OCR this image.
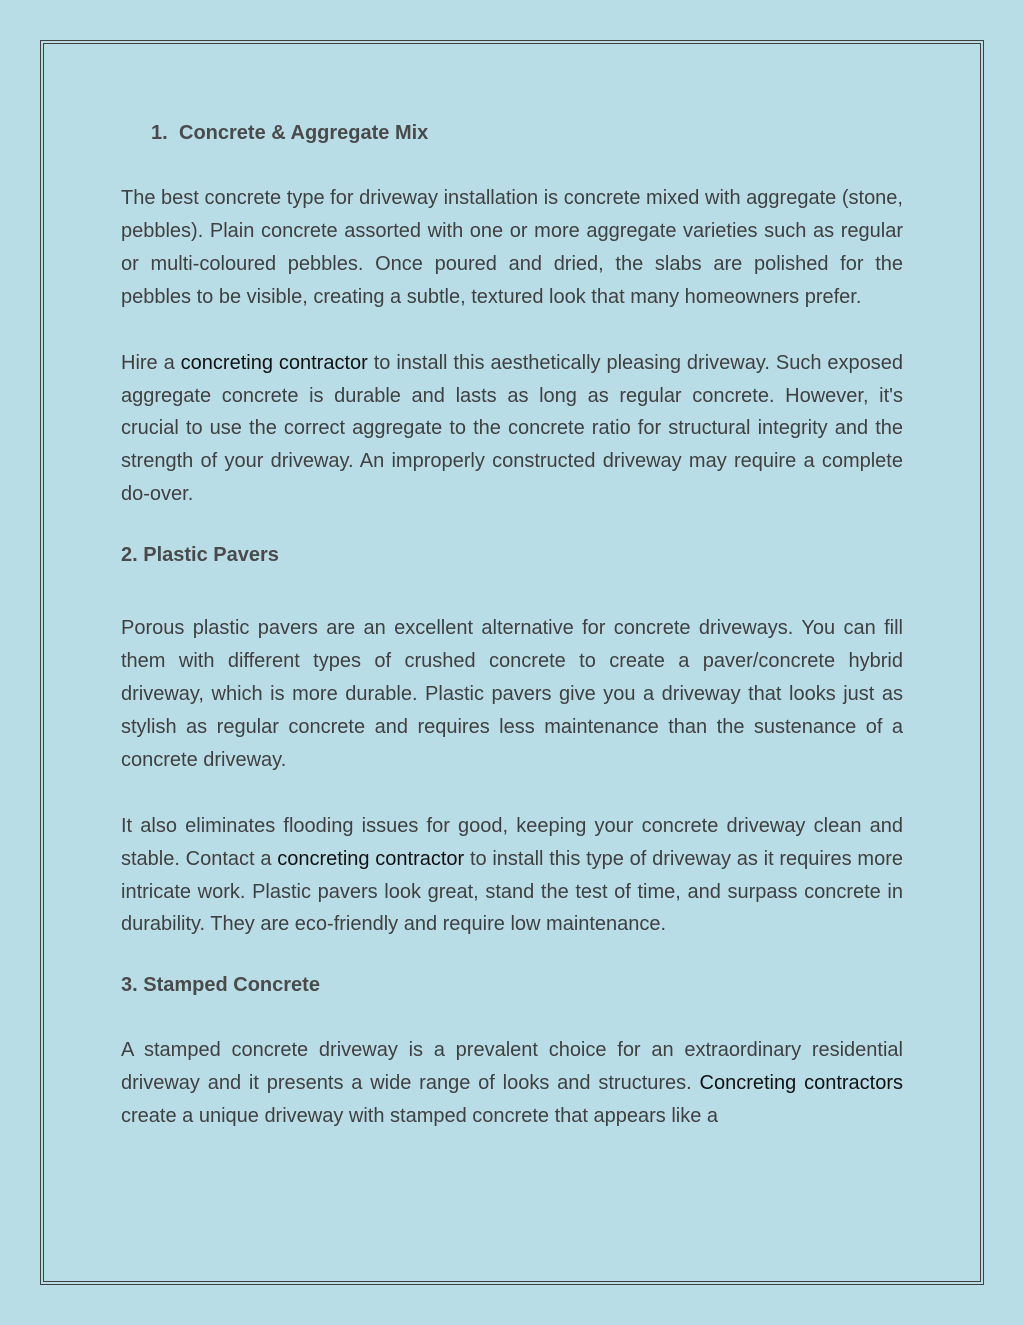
1. Concrete & Aggregate Mix

The best concrete type for driveway installation is concrete mixed with aggregate (stone, pebbles). Plain concrete assorted with one or more aggregate varieties such as regular or multi-coloured pebbles. Once poured and dried, the slabs are polished for the pebbles to be visible, creating a subtle, textured look that many homeowners prefer.

Hire a concreting contractor to install this aesthetically pleasing driveway. Such exposed aggregate concrete is durable and lasts as long as regular concrete. However, it's crucial to use the correct aggregate to the concrete ratio for structural integrity and the strength of your driveway. An improperly constructed driveway may require a complete do-over.

2. Plastic Pavers

Porous plastic pavers are an excellent alternative for concrete driveways. You can fill them with different types of crushed concrete to create a paver/concrete hybrid driveway, which is more durable. Plastic pavers give you a driveway that looks just as stylish as regular concrete and requires less maintenance than the sustenance of a concrete driveway.

It also eliminates flooding issues for good, keeping your concrete driveway clean and stable. Contact a concreting contractor to install this type of driveway as it requires more intricate work. Plastic pavers look great, stand the test of time, and surpass concrete in durability. They are eco-friendly and require low maintenance.

3. Stamped Concrete

A stamped concrete driveway is a prevalent choice for an extraordinary residential driveway and it presents a wide range of looks and structures. Concreting contractors create a unique driveway with stamped concrete that appears like a
